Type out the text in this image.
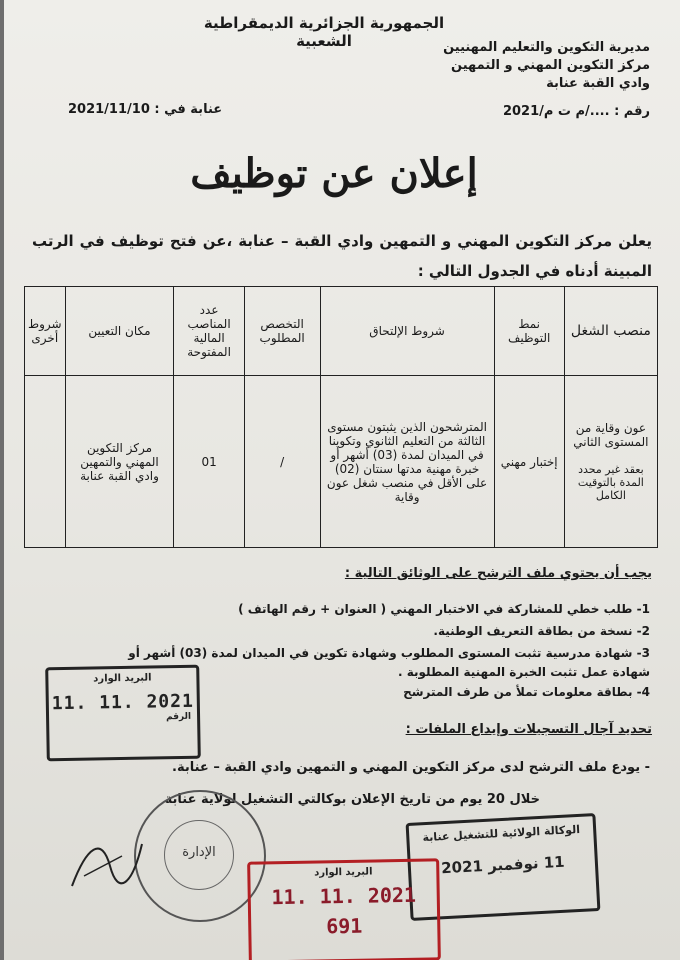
الجمهورية الجزائرية الديمقراطية الشعبية	مديرية التكوين والتعليم المهنيين
مركز التكوين المهني و التمهين
وادي القبة عنابة
رقم : ..../م ت م/2021
عنابة في : 2021/11/10
إعلان عن توظيف
يعلن مركز التكوين المهني و التمهين وادي القبة – عنابة ،عن فتح توظيف في الرتب المبينة أدناه في الجدول التالي :
منصب الشغل	نمط التوظيف	شروط الإلتحاق	التخصص المطلوب	عدد المناصب المالية المفتوحة	مكان التعيين	شروط أخرى
عون وقاية من المستوى الثاني
بعقد غير محدد المدة بالتوقيت الكامل	إختبار مهني	المترشحون الذين يثبتون مستوى الثالثة من التعليم الثانوي وتكوينا في الميدان لمدة (03) أشهر أو خبرة مهنية مدتها سنتان (02) على الأقل في منصب شغل عون وقاية	/	01	مركز التكوين المهني والتمهين وادي القبة عنابة	
يجب أن يحتوي ملف الترشح على الوثائق التالية :
1- طلب خطي للمشاركة في الاختبار المهني ( العنوان + رقم الهاتف )
2- نسخة من بطاقة التعريف الوطنية.
3- شهادة مدرسية تثبت المستوى المطلوب وشهادة تكوين في الميدان لمدة (03) أشهر أو شهادة عمل تثبت الخبرة المهنية المطلوبة .
4- بطاقة معلومات تملأ من طرف المترشح
تحديد آجال التسجيلات وإيداع الملفات :
- يودع ملف الترشح لدى مركز التكوين المهني و التمهين وادي القبة – عنابة.
خلال 20 يوم من تاريخ الإعلان بوكالتي التشغيل لولاية عنابة
البريد الوارد
11. 11. 2021
الرقم
الإدارة
الوكالة الولائية للتشغيل عنابة
11 نوفمبر 2021
البريد الوارد
11. 11. 2021
691
